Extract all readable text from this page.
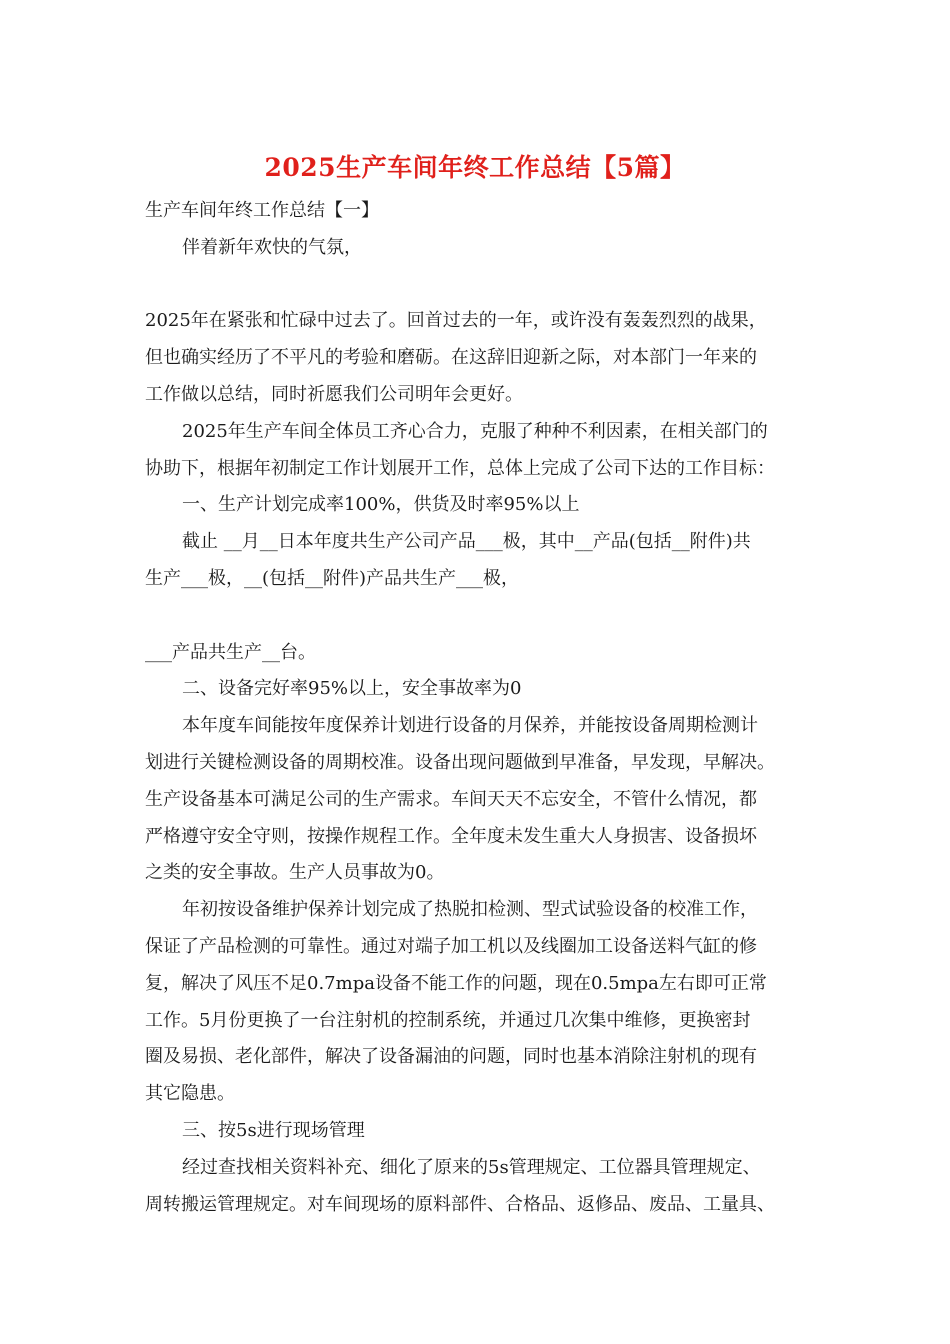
2025生产车间年终工作总结【5篇】
生产车间年终工作总结【一】
伴着新年欢快的气氛，
2025年在紧张和忙碌中过去了。回首过去的一年，或许没有轰轰烈烈的战果，
但也确实经历了不平凡的考验和磨砺。在这辞旧迎新之际，对本部门一年来的
工作做以总结，同时祈愿我们公司明年会更好。
2025年生产车间全体员工齐心合力，克服了种种不利因素，在相关部门的
协助下，根据年初制定工作计划展开工作，总体上完成了公司下达的工作目标：
一、生产计划完成率100%，供货及时率95%以上
截止 __月__日本年度共生产公司产品___极，其中__产品(包括__附件)共
生产___极，__(包括__附件)产品共生产___极，
___产品共生产__台。
二、设备完好率95%以上，安全事故率为0
本年度车间能按年度保养计划进行设备的月保养，并能按设备周期检测计
划进行关键检测设备的周期校准。设备出现问题做到早准备，早发现，早解决。
生产设备基本可满足公司的生产需求。车间天天不忘安全，不管什么情况，都
严格遵守安全守则，按操作规程工作。全年度未发生重大人身损害、设备损坏
之类的安全事故。生产人员事故为0。
年初按设备维护保养计划完成了热脱扣检测、型式试验设备的校准工作，
保证了产品检测的可靠性。通过对端子加工机以及线圈加工设备送料气缸的修
复，解决了风压不足0.7mpa设备不能工作的问题，现在0.5mpa左右即可正常
工作。5月份更换了一台注射机的控制系统，并通过几次集中维修，更换密封
圈及易损、老化部件，解决了设备漏油的问题，同时也基本消除注射机的现有
其它隐患。
三、按5s进行现场管理
经过查找相关资料补充、细化了原来的5s管理规定、工位器具管理规定、
周转搬运管理规定。对车间现场的原料部件、合格品、返修品、废品、工量具、
